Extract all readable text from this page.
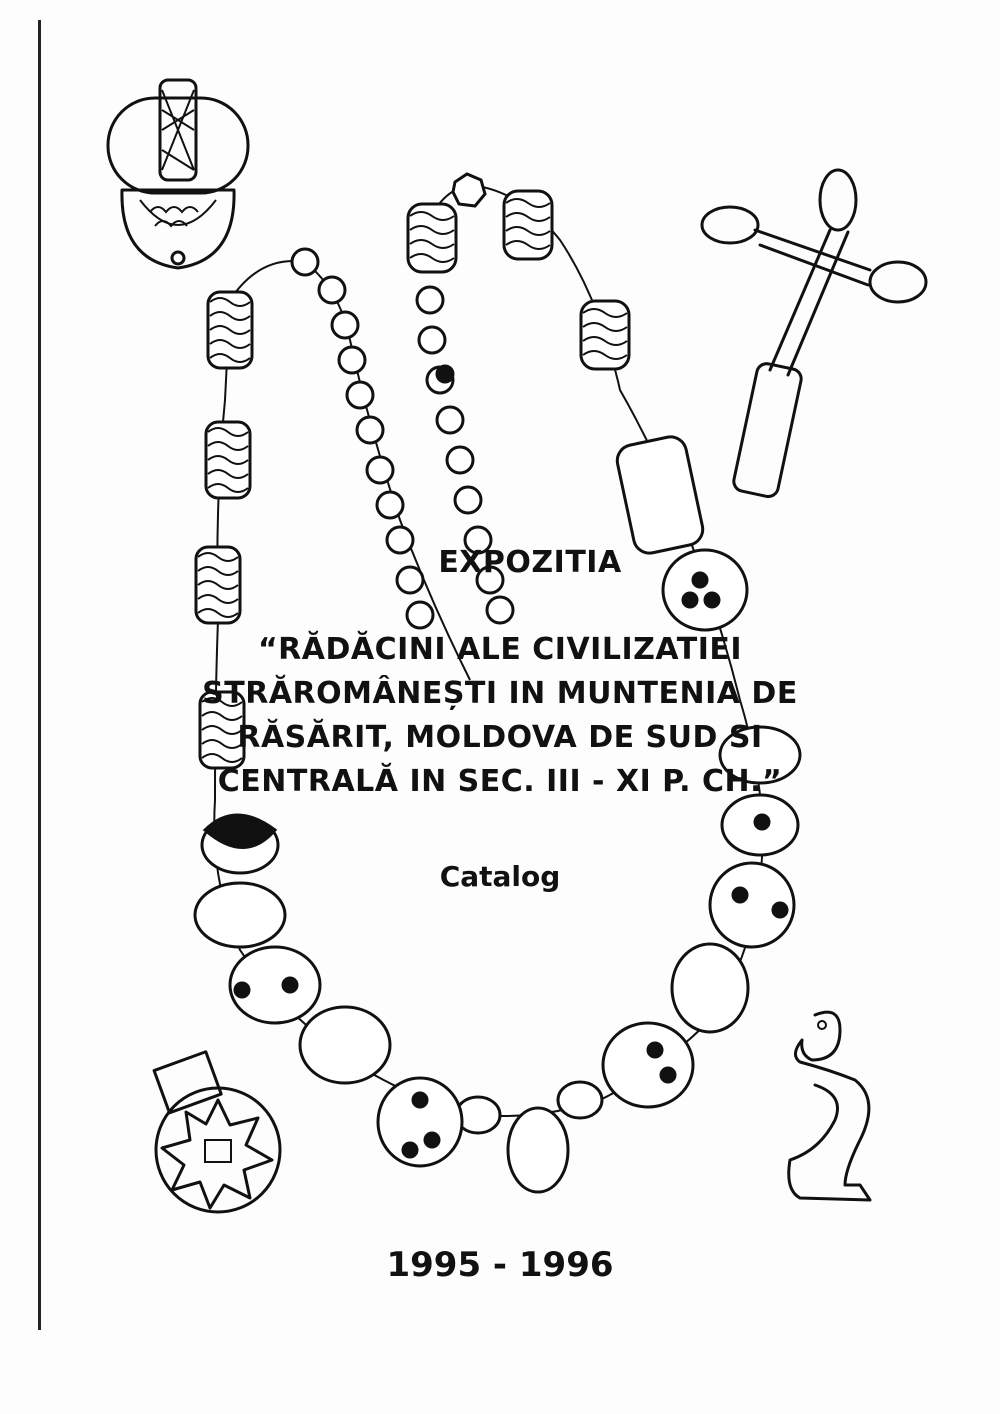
EXPOZITIA
“RĂDĂCINI ALE CIVILIZATIEI STRĂROMÂNEȘTI IN MUNTENIA DE RĂSĂRIT, MOLDOVA DE SUD SI CENTRALĂ IN SEC. III - XI P. CH.”
Catalog
1995 - 1996
